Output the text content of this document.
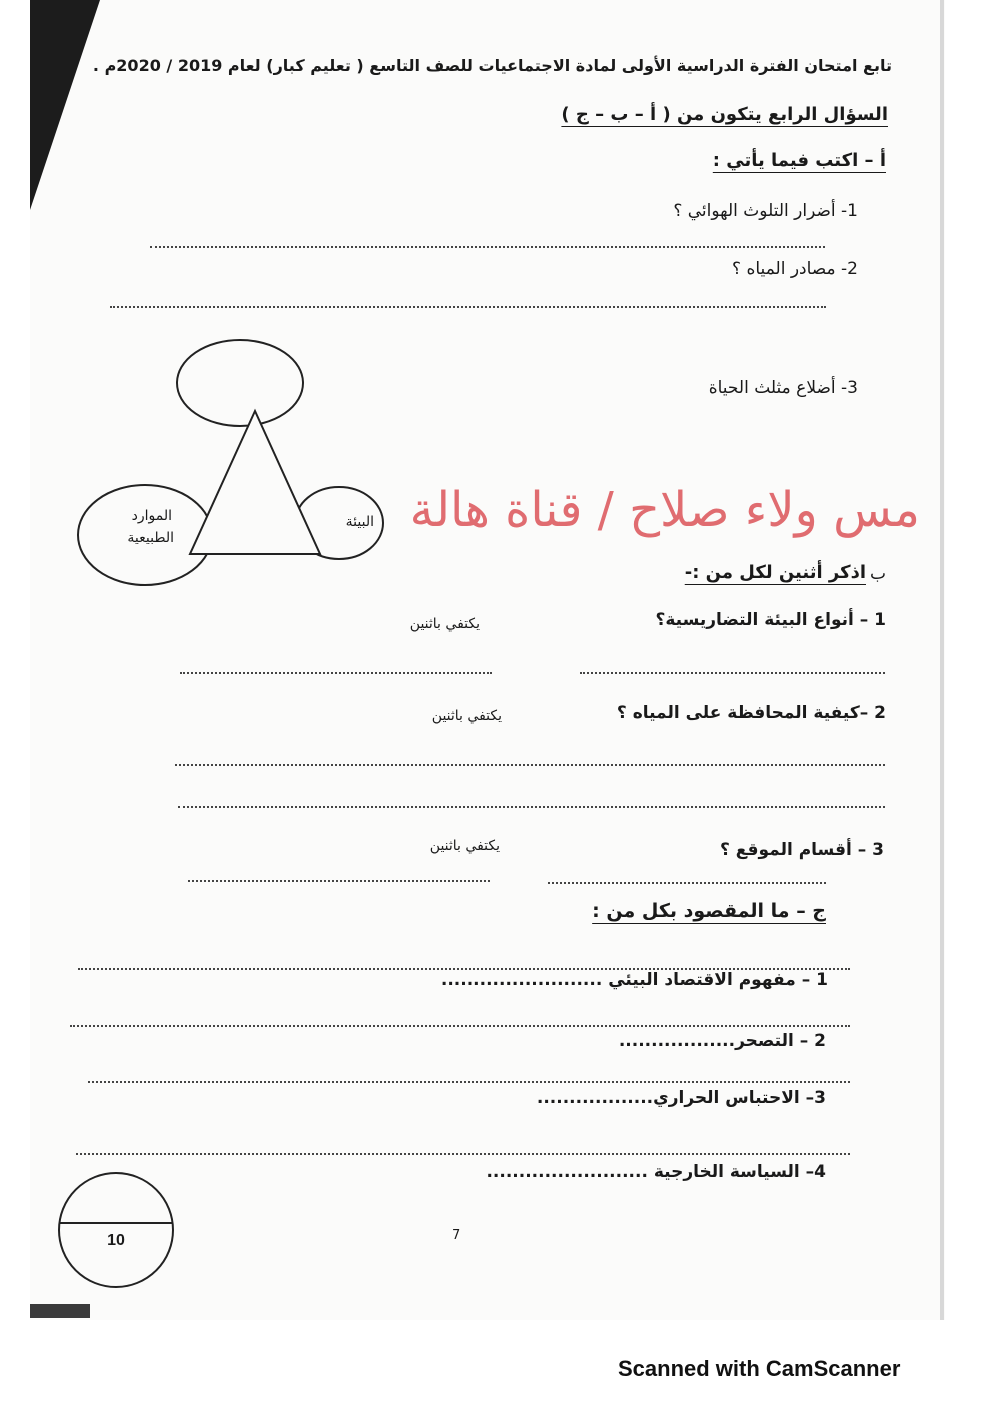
تابع امتحان الفترة الدراسية الأولى لمادة الاجتماعيات للصف التاسع ( تعليم كبار) لعام 2019 / 2020م .
السؤال الرابع يتكون من ( أ – ب – ج )
أ – اكتب فيما يأتي :
1- أضرار التلوث الهوائي ؟
2- مصادر المياه ؟
3- أضلاع مثلث الحياة
الموارد
الطبيعية
البيئة مس ولاء صلاح / قناة هالة
ب
اذكر أثنين لكل من :-
1 – أنواع البيئة التضاريسية؟
يكتفي باثنين
2 –كيفية المحافظة على المياه ؟
يكتفي باثنين
3 – أقسام الموقع ؟
يكتفي باثنين
ج – ما المقصود بكل من :
1 – مفهوم الاقتصاد البيئي .........................
2 – التصحر..................
3– الاحتباس الحراري..................
4– السياسة الخارجية .........................
10	7
Scanned with CamScanner
